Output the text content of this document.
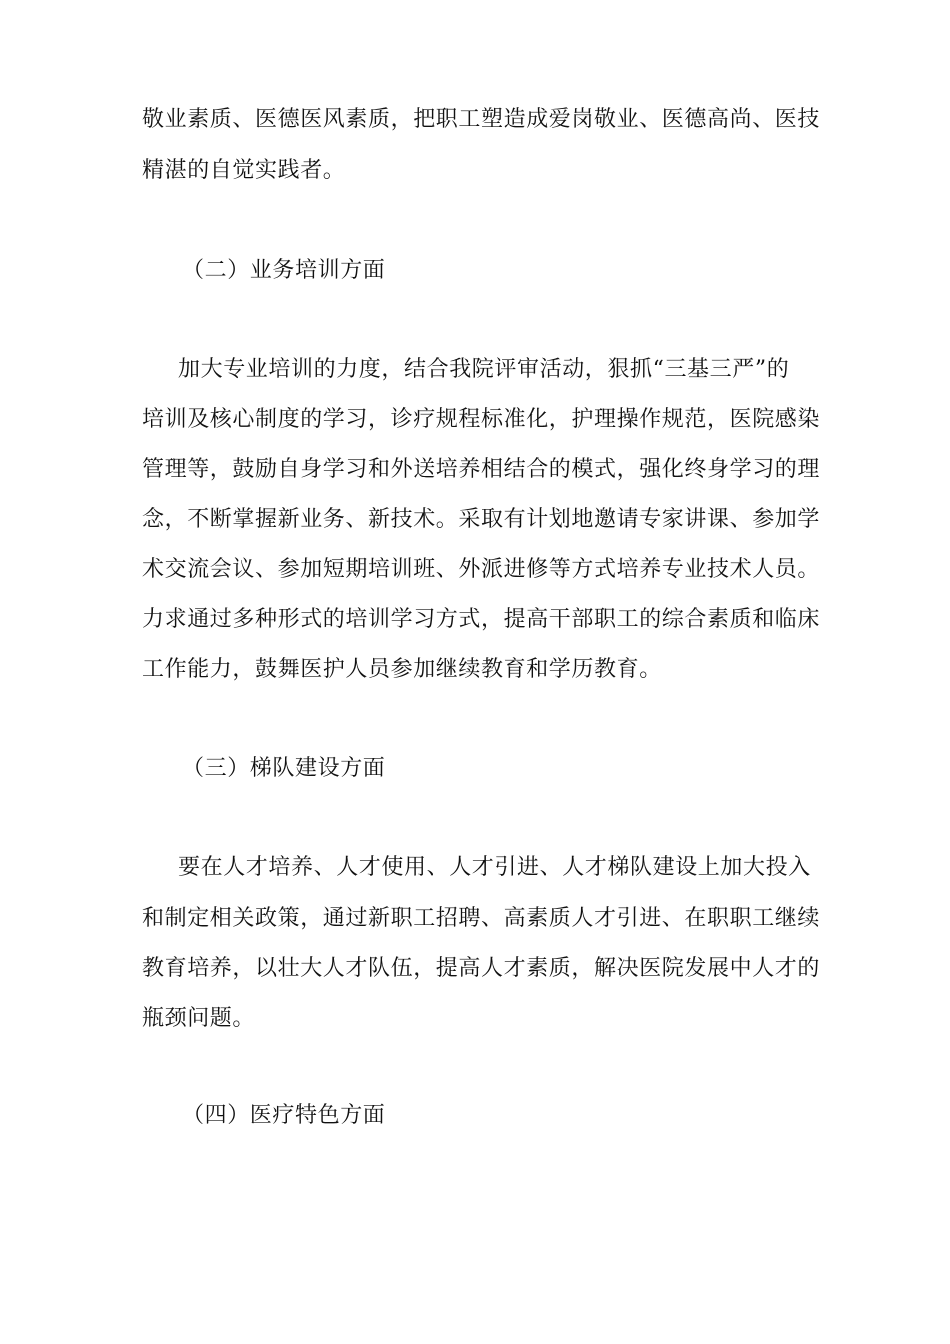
敬业素质、医德医风素质，把职工塑造成爱岗敬业、医德高尚、医技
精湛的自觉实践者。
（二）业务培训方面
加大专业培训的力度，结合我院评审活动，狠抓“三基三严”的
培训及核心制度的学习，诊疗规程标准化，护理操作规范，医院感染
管理等，鼓励自身学习和外送培养相结合的模式，强化终身学习的理
念，不断掌握新业务、新技术。采取有计划地邀请专家讲课、参加学
术交流会议、参加短期培训班、外派进修等方式培养专业技术人员。
力求通过多种形式的培训学习方式，提高干部职工的综合素质和临床
工作能力，鼓舞医护人员参加继续教育和学历教育。
（三）梯队建设方面
要在人才培养、人才使用、人才引进、人才梯队建设上加大投入
和制定相关政策，通过新职工招聘、高素质人才引进、在职职工继续
教育培养，以壮大人才队伍，提高人才素质，解决医院发展中人才的
瓶颈问题。
（四）医疗特色方面
